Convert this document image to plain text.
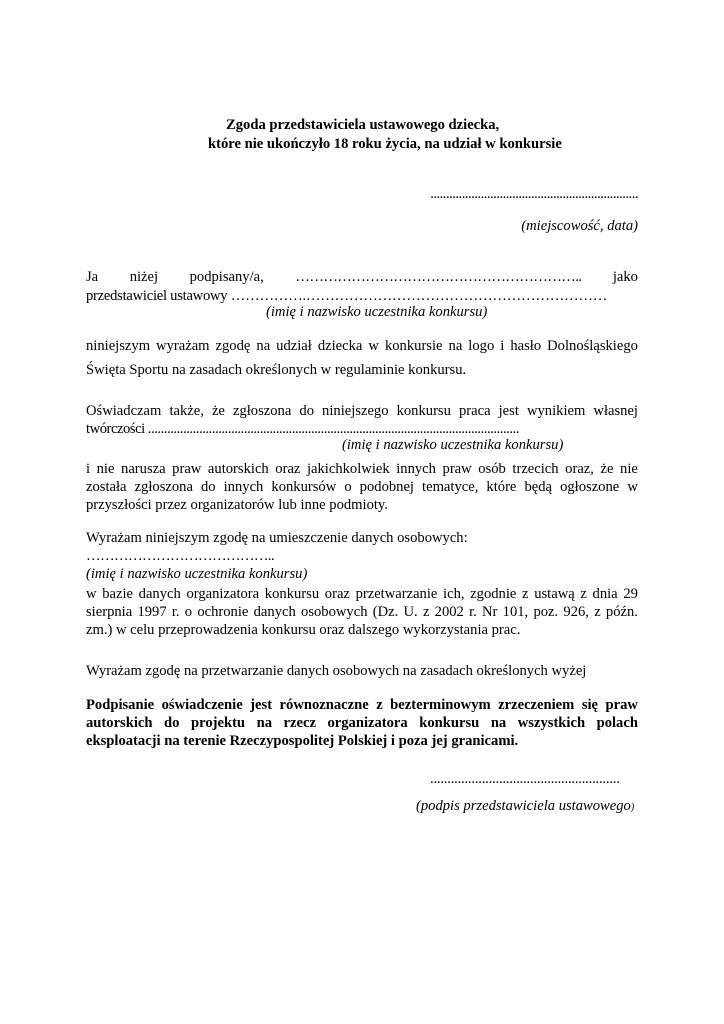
Zgoda przedstawiciela ustawowego dziecka,
które nie ukończyło 18 roku życia, na udział w konkursie
..................................................................
(miejscowość, data)
Ja niżej podpisany/a, …………………………………………………….. jako
przedstawiciel ustawowy …………….………………………………………………………
(imię i nazwisko uczestnika konkursu)
niniejszym wyrażam zgodę na udział dziecka w konkursie na logo i hasło Dolnośląskiego
Święta Sportu na zasadach określonych w regulaminie konkursu.
Oświadczam także, że zgłoszona do niniejszego konkursu praca jest wynikiem własnej
twórczości ....................................................................................................................
(imię i nazwisko uczestnika konkursu)
i nie narusza praw autorskich oraz jakichkolwiek innych praw osób trzecich oraz, że nie
została zgłoszona do innych konkursów o podobnej tematyce, które będą ogłoszone w
przyszłości przez organizatorów lub inne podmioty.
Wyrażam niniejszym zgodę na umieszczenie danych osobowych:
…………………………………..
(imię i nazwisko uczestnika konkursu)
w bazie danych organizatora konkursu oraz przetwarzanie ich, zgodnie z ustawą z dnia 29
sierpnia 1997 r. o ochronie danych osobowych (Dz. U. z 2002 r. Nr 101, poz. 926, z późn.
zm.) w celu przeprowadzenia konkursu oraz dalszego wykorzystania prac.
Wyrażam zgodę na przetwarzanie danych osobowych na zasadach określonych wyżej
Podpisanie oświadczenie jest równoznaczne z bezterminowym zrzeczeniem się praw
autorskich do projektu na rzecz organizatora konkursu na wszystkich polach
eksploatacji na terenie Rzeczypospolitej Polskiej i poza jej granicami.
.......................................................
(podpis przedstawiciela ustawowego)
